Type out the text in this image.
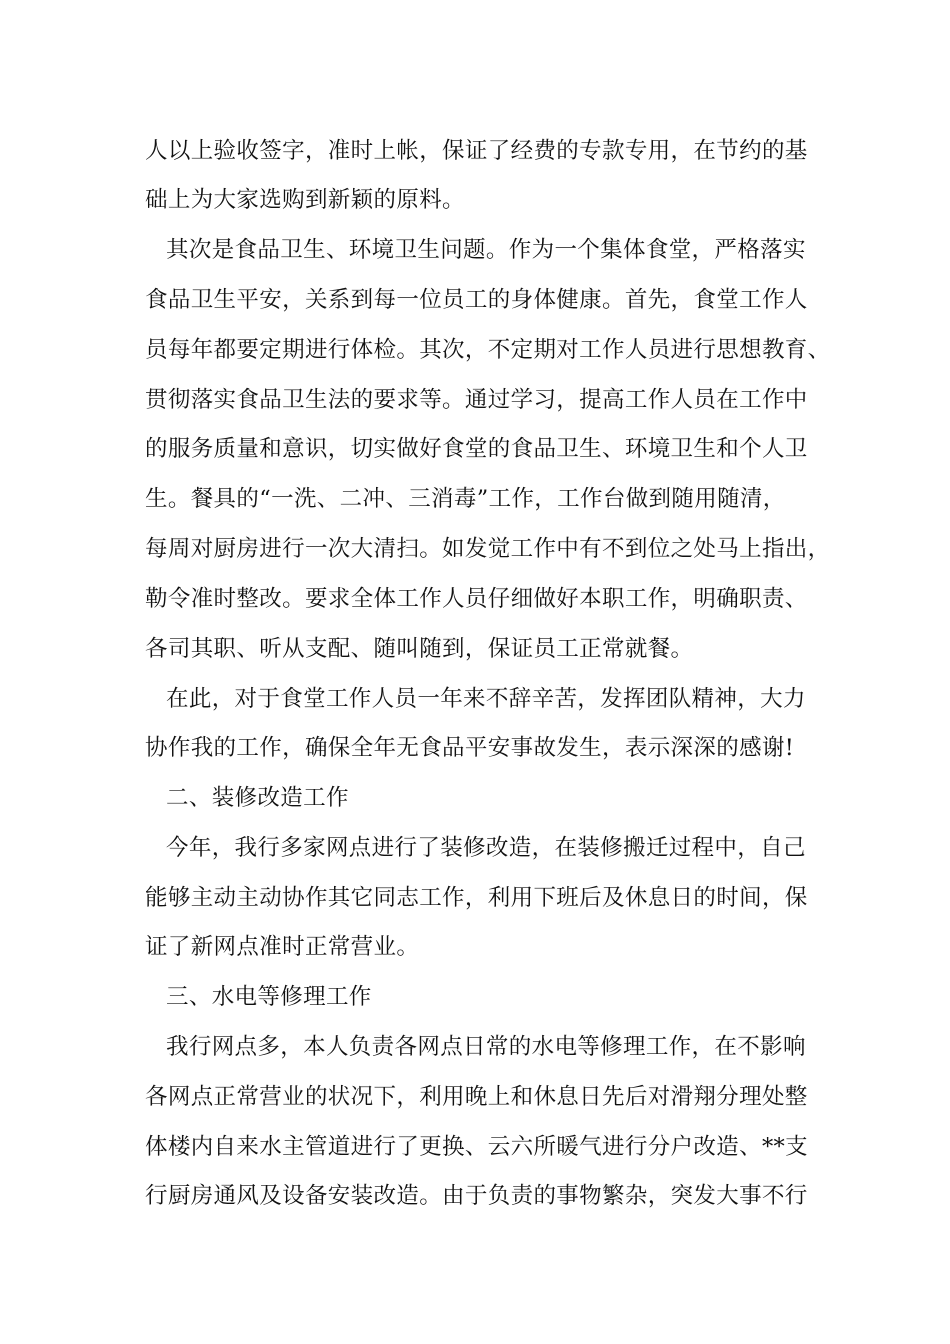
人以上验收签字，准时上帐，保证了经费的专款专用，在节约的基
础上为大家选购到新颖的原料。
其次是食品卫生、环境卫生问题。作为一个集体食堂，严格落实
食品卫生平安，关系到每一位员工的身体健康。首先，食堂工作人
员每年都要定期进行体检。其次，不定期对工作人员进行思想教育、
贯彻落实食品卫生法的要求等。通过学习，提高工作人员在工作中
的服务质量和意识，切实做好食堂的食品卫生、环境卫生和个人卫
生。餐具的“一洗、二冲、三消毒”工作，工作台做到随用随清，
每周对厨房进行一次大清扫。如发觉工作中有不到位之处马上指出，
勒令准时整改。要求全体工作人员仔细做好本职工作，明确职责、
各司其职、听从支配、随叫随到，保证员工正常就餐。
在此，对于食堂工作人员一年来不辞辛苦，发挥团队精神，大力
协作我的工作，确保全年无食品平安事故发生，表示深深的感谢!
二、装修改造工作
今年，我行多家网点进行了装修改造，在装修搬迁过程中，自己
能够主动主动协作其它同志工作，利用下班后及休息日的时间，保
证了新网点准时正常营业。
三、水电等修理工作
我行网点多，本人负责各网点日常的水电等修理工作，在不影响
各网点正常营业的状况下，利用晚上和休息日先后对滑翔分理处整
体楼内自来水主管道进行了更换、云六所暖气进行分户改造、**支
行厨房通风及设备安装改造。由于负责的事物繁杂，突发大事不行
